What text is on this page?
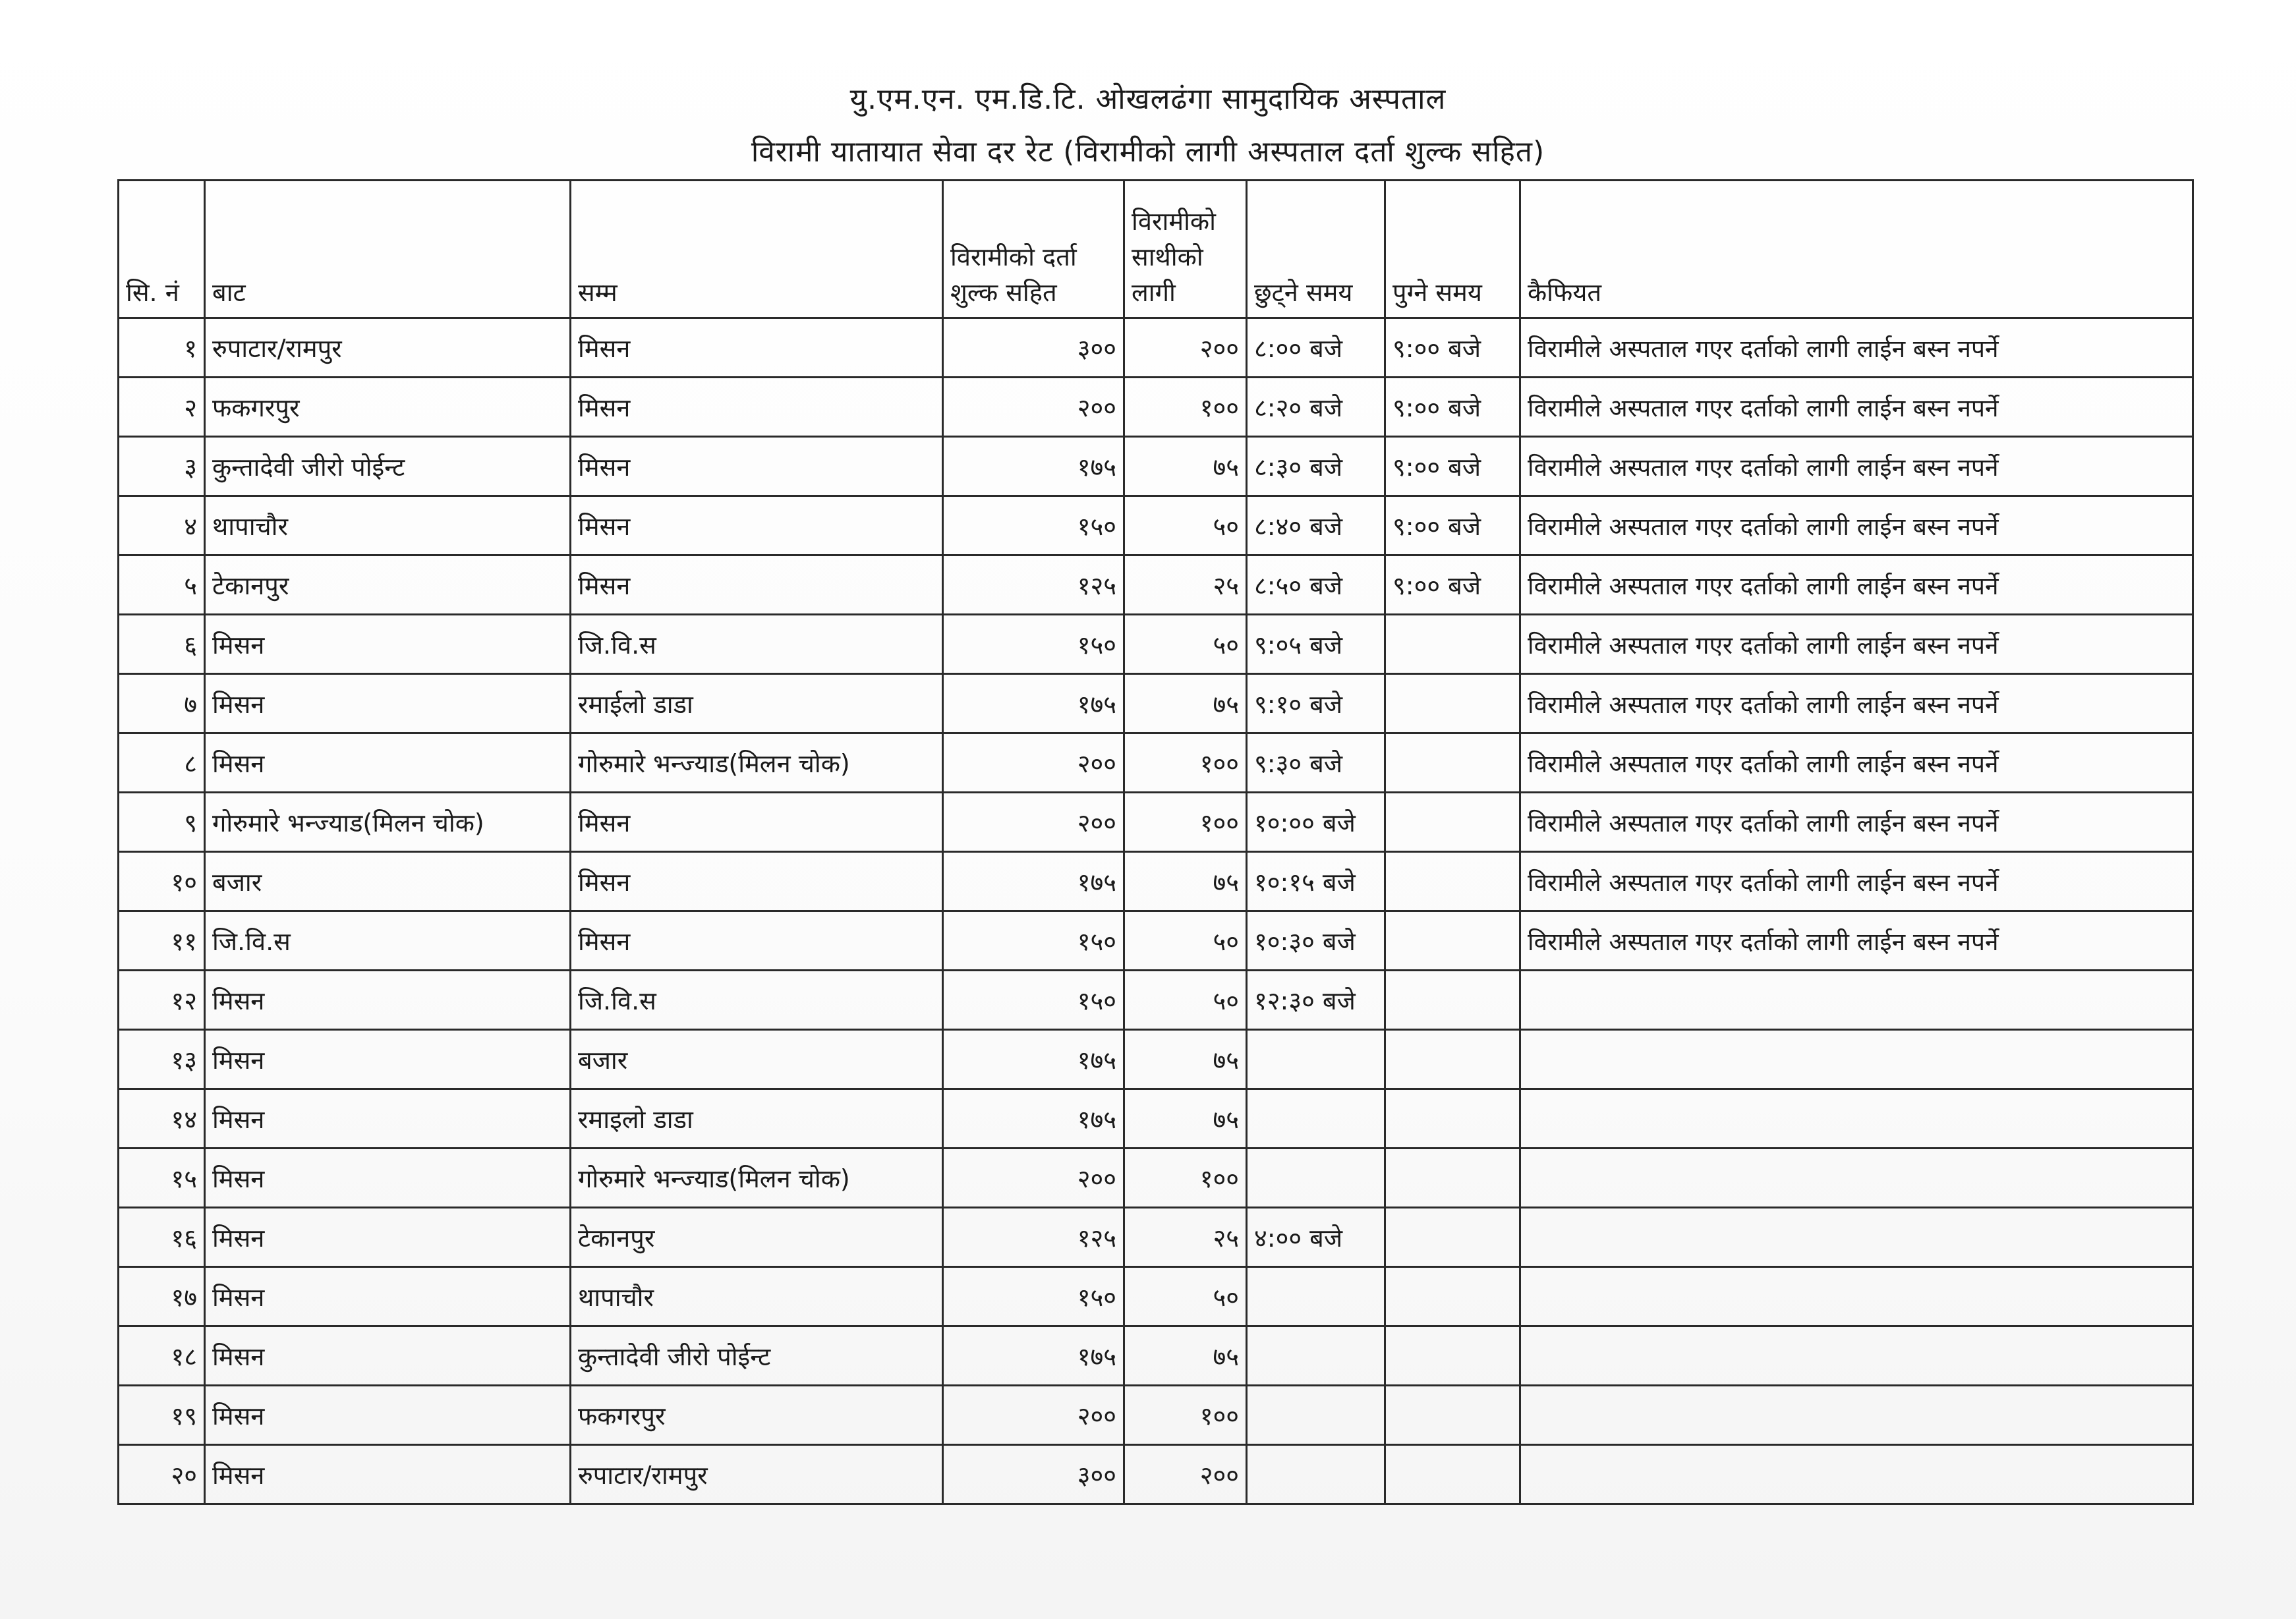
यु.एम.एन. एम.डि.टि. ओखलढंगा सामुदायिक अस्पताल
विरामी यातायात सेवा दर रेट (विरामीको लागी अस्पताल दर्ता शुल्क सहित)
सि. नं	बाट	सम्म	विरामीको दर्ता शुल्क सहित	विरामीको साथीको लागी	छुट्ने समय	पुग्ने समय	कैफियत
१	रुपाटार/रामपुर	मिसन	३००	२००	८:०० बजे	९:०० बजे	विरामीले अस्पताल गएर दर्ताको लागी लाईन बस्न नपर्ने
२	फकगरपुर	मिसन	२००	१००	८:२० बजे	९:०० बजे	विरामीले अस्पताल गएर दर्ताको लागी लाईन बस्न नपर्ने
३	कुन्तादेवी जीरो पोईन्ट	मिसन	१७५	७५	८:३० बजे	९:०० बजे	विरामीले अस्पताल गएर दर्ताको लागी लाईन बस्न नपर्ने
४	थापाचौर	मिसन	१५०	५०	८:४० बजे	९:०० बजे	विरामीले अस्पताल गएर दर्ताको लागी लाईन बस्न नपर्ने
५	टेकानपुर	मिसन	१२५	२५	८:५० बजे	९:०० बजे	विरामीले अस्पताल गएर दर्ताको लागी लाईन बस्न नपर्ने
६	मिसन	जि.वि.स	१५०	५०	९:०५ बजे		विरामीले अस्पताल गएर दर्ताको लागी लाईन बस्न नपर्ने
७	मिसन	रमाईलो डाडा	१७५	७५	९:१० बजे		विरामीले अस्पताल गएर दर्ताको लागी लाईन बस्न नपर्ने
८	मिसन	गोरुमारे भन्ज्याड(मिलन चोक)	२००	१००	९:३० बजे		विरामीले अस्पताल गएर दर्ताको लागी लाईन बस्न नपर्ने
९	गोरुमारे भन्ज्याड(मिलन चोक)	मिसन	२००	१००	१०:०० बजे		विरामीले अस्पताल गएर दर्ताको लागी लाईन बस्न नपर्ने
१०	बजार	मिसन	१७५	७५	१०:१५ बजे		विरामीले अस्पताल गएर दर्ताको लागी लाईन बस्न नपर्ने
११	जि.वि.स	मिसन	१५०	५०	१०:३० बजे		विरामीले अस्पताल गएर दर्ताको लागी लाईन बस्न नपर्ने
१२	मिसन	जि.वि.स	१५०	५०	१२:३० बजे		
१३	मिसन	बजार	१७५	७५			
१४	मिसन	रमाइलो डाडा	१७५	७५			
१५	मिसन	गोरुमारे भन्ज्याड(मिलन चोक)	२००	१००			
१६	मिसन	टेकानपुर	१२५	२५	४:०० बजे		
१७	मिसन	थापाचौर	१५०	५०			
१८	मिसन	कुन्तादेवी जीरो पोईन्ट	१७५	७५			
१९	मिसन	फकगरपुर	२००	१००			
२०	मिसन	रुपाटार/रामपुर	३००	२००			
